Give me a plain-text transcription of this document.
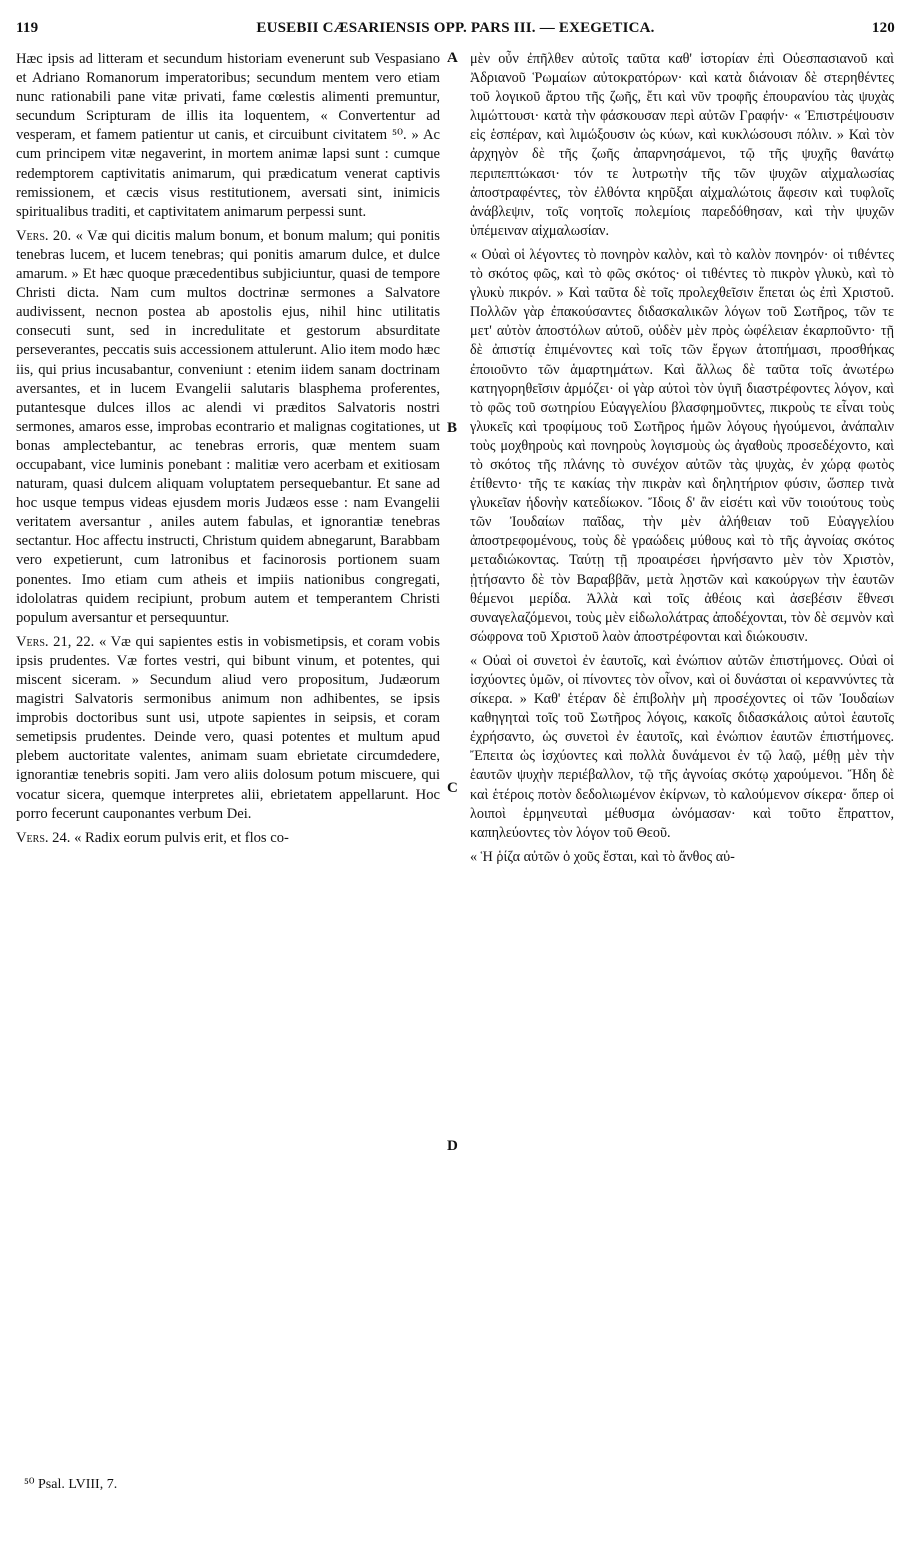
119	EUSEBII CÆSARIENSIS OPP. PARS III. — EXEGETICA.	120

Hæc ipsis ad litteram et secundum historiam evenerunt sub Vespasiano et Adriano Romanorum imperatoribus; secundum mentem vero etiam nunc rationabili pane vitæ privati, fame cœlestis alimenti premuntur, secundum Scripturam de illis ita loquentem, « Convertentur ad vesperam, et famem patientur ut canis, et circuibunt civitatem ⁵⁰. » Ac cum principem vitæ negaverint, in mortem animæ lapsi sunt : cumque redemptorem captivitatis animarum, qui prædicatum venerat captivis remissionem, et cæcis visus restitutionem, aversati sint, inimicis spiritualibus traditi, et captivitatem animarum perpessi sunt.

Vers. 20. « Væ qui dicitis malum bonum, et bonum malum; qui ponitis tenebras lucem, et lucem tenebras; qui ponitis amarum dulce, et dulce amarum. » Et hæc quoque præcedentibus subjiciuntur, quasi de tempore Christi dicta. Nam cum multos doctrinæ sermones a Salvatore audivissent, necnon postea ab apostolis ejus, nihil hinc utilitatis consecuti sunt, sed in incredulitate et gestorum absurditate perseverantes, peccatis suis accessionem attulerunt. Alio item modo hæc iis, qui prius incusabantur, conveniunt : etenim iidem sanam doctrinam aversantes, et in lucem Evangelii salutaris blasphema proferentes, putantesque dulces illos ac alendi vi præditos Salvatoris nostri sermones, amaros esse, improbas econtrario et malignas cogitationes, ut bonas amplectebantur, ac tenebras erroris, quæ mentem suam occupabant, vice luminis ponebant : malitiæ vero acerbam et exitiosam naturam, quasi dulcem aliquam voluptatem persequebantur. Et sane ad hoc usque tempus videas ejusdem moris Judæos esse : nam Evangelii veritatem aversantur , aniles autem fabulas, et ignorantiæ tenebras sectantur. Hoc affectu instructi, Christum quidem abnegarunt, Barabbam vero expetierunt, cum latronibus et facinorosis portionem suam ponentes. Imo etiam cum atheis et impiis nationibus congregati, idololatras quidem recipiunt, probum autem et temperantem Christi populum aversantur et persequuntur.

Vers. 21, 22. « Væ qui sapientes estis in vobismetipsis, et coram vobis ipsis prudentes. Væ fortes vestri, qui bibunt vinum, et potentes, qui miscent siceram. » Secundum aliud vero propositum, Judæorum magistri Salvatoris sermonibus animum non adhibentes, se ipsis improbis doctoribus sunt usi, utpote sapientes in seipsis, et coram semetipsis prudentes. Deinde vero, quasi potentes et multum apud plebem auctoritate valentes, animam suam ebrietate circumdedere, ignorantiæ tenebris sopiti. Jam vero aliis dolosum potum miscuere, qui vocatur sicera, quemque interpretes alii, ebrietatem appellarunt. Hoc porro fecerunt cauponantes verbum Dei.

Vers. 24. « Radix eorum pulvis erit, et flos co-

A
B
C
D

μὲν οὖν ἐπῆλθεν αὐτοῖς ταῦτα καθ' ἱστορίαν ἐπὶ Οὐεσπασιανοῦ καὶ Ἀδριανοῦ Ῥωμαίων αὐτοκρατόρων· καὶ κατὰ διάνοιαν δὲ στερηθέντες τοῦ λογικοῦ ἄρτου τῆς ζωῆς, ἔτι καὶ νῦν τροφῆς ἐπουρανίου τὰς ψυχὰς λιμώττουσι· κατὰ τὴν φάσκουσαν περὶ αὐτῶν Γραφήν· « Ἐπιστρέψουσιν εἰς ἑσπέραν, καὶ λιμώξουσιν ὡς κύων, καὶ κυκλώσουσι πόλιν. » Καὶ τὸν ἀρχηγὸν δὲ τῆς ζωῆς ἀπαρνησάμενοι, τῷ τῆς ψυχῆς θανάτῳ περιπεπτώκασι· τόν τε λυτρωτὴν τῆς τῶν ψυχῶν αἰχμαλωσίας ἀποστραφέντες, τὸν ἐλθόντα κηρῦξαι αἰχμαλώτοις ἄφεσιν καὶ τυφλοῖς ἀνάβλεψιν, τοῖς νοητοῖς πολεμίοις παρεδόθησαν, καὶ τὴν ψυχῶν ὑπέμειναν αἰχμαλωσίαν.

« Οὐαὶ οἱ λέγοντες τὸ πονηρὸν καλὸν, καὶ τὸ καλὸν πονηρόν· οἱ τιθέντες τὸ σκότος φῶς, καὶ τὸ φῶς σκότος· οἱ τιθέντες τὸ πικρὸν γλυκὺ, καὶ τὸ γλυκὺ πικρόν. » Καὶ ταῦτα δὲ τοῖς προλεχθεῖσιν ἕπεται ὡς ἐπὶ Χριστοῦ. Πολλῶν γὰρ ἐπακούσαντες διδασκαλικῶν λόγων τοῦ Σωτῆρος, τῶν τε μετ' αὐτὸν ἀποστόλων αὐτοῦ, οὐδὲν μὲν πρὸς ὠφέλειαν ἐκαρποῦντο· τῇ δὲ ἀπιστίᾳ ἐπιμένοντες καὶ τοῖς τῶν ἔργων ἀτοπήμασι, προσθήκας ἐποιοῦντο τῶν ἁμαρτημάτων. Καὶ ἄλλως δὲ ταῦτα τοῖς ἀνωτέρω κατηγορηθεῖσιν ἁρμόζει· οἱ γὰρ αὐτοὶ τὸν ὑγιῆ διαστρέφοντες λόγον, καὶ τὸ φῶς τοῦ σωτηρίου Εὐαγγελίου βλασφημοῦντες, πικροὺς τε εἶναι τοὺς γλυκεῖς καὶ τροφίμους τοῦ Σωτῆρος ἡμῶν λόγους ἡγούμενοι, ἀνάπαλιν τοὺς μοχθηροὺς καὶ πονηροὺς λογισμοὺς ὡς ἀγαθοὺς προσεδέχοντο, καὶ τὸ σκότος τῆς πλάνης τὸ συνέχον αὐτῶν τὰς ψυχὰς, ἐν χώρᾳ φωτὸς ἐτίθεντο· τῆς τε κακίας τὴν πικρὰν καὶ δηλητήριον φύσιν, ὥσπερ τινὰ γλυκεῖαν ἡδονὴν κατεδίωκον. Ἴδοις δ' ἂν εἰσέτι καὶ νῦν τοιούτους τοὺς τῶν Ἰουδαίων παῖδας, τὴν μὲν ἀλήθειαν τοῦ Εὐαγγελίου ἀποστρεφομένους, τοὺς δὲ γραώδεις μύθους καὶ τὸ τῆς ἀγνοίας σκότος μεταδιώκοντας. Ταύτῃ τῇ προαιρέσει ἠρνήσαντο μὲν τὸν Χριστὸν, ᾐτήσαντο δὲ τὸν Βαραββᾶν, μετὰ λῃστῶν καὶ κακούργων τὴν ἑαυτῶν θέμενοι μερίδα. Ἀλλὰ καὶ τοῖς ἀθέοις καὶ ἀσεβέσιν ἔθνεσι συναγελαζόμενοι, τοὺς μὲν εἰδωλολάτρας ἀποδέχονται, τὸν δὲ σεμνὸν καὶ σώφρονα τοῦ Χριστοῦ λαὸν ἀποστρέφονται καὶ διώκουσιν.

« Οὐαὶ οἱ συνετοὶ ἐν ἑαυτοῖς, καὶ ἐνώπιον αὐτῶν ἐπιστήμονες. Οὐαὶ οἱ ἰσχύοντες ὑμῶν, οἱ πίνοντες τὸν οἶνον, καὶ οἱ δυνάσται οἱ κεραννύντες τὰ σίκερα. » Καθ' ἑτέραν δὲ ἐπιβολὴν μὴ προσέχοντες οἱ τῶν Ἰουδαίων καθηγηταὶ τοῖς τοῦ Σωτῆρος λόγοις, κακοῖς διδασκάλοις αὐτοὶ ἑαυτοῖς ἐχρήσαντο, ὡς συνετοὶ ἐν ἑαυτοῖς, καὶ ἐνώπιον ἑαυτῶν ἐπιστήμονες. Ἔπειτα ὡς ἰσχύοντες καὶ πολλὰ δυνάμενοι ἐν τῷ λαῷ, μέθῃ μὲν τὴν ἑαυτῶν ψυχὴν περιέβαλλον, τῷ τῆς ἀγνοίας σκότῳ χαρούμενοι. Ἤδη δὲ καὶ ἑτέροις ποτὸν δεδολιωμένον ἐκίρνων, τὸ καλούμενον σίκερα· ὅπερ οἱ λοιποὶ ἑρμηνευταὶ μέθυσμα ὠνόμασαν· καὶ τοῦτο ἔπραττον, καπηλεύοντες τὸν λόγον τοῦ Θεοῦ.

« Ἡ ῥίζα αὐτῶν ὁ χοῦς ἔσται, καὶ τὸ ἄνθος αὐ-

⁵⁰ Psal. LVIII, 7.
